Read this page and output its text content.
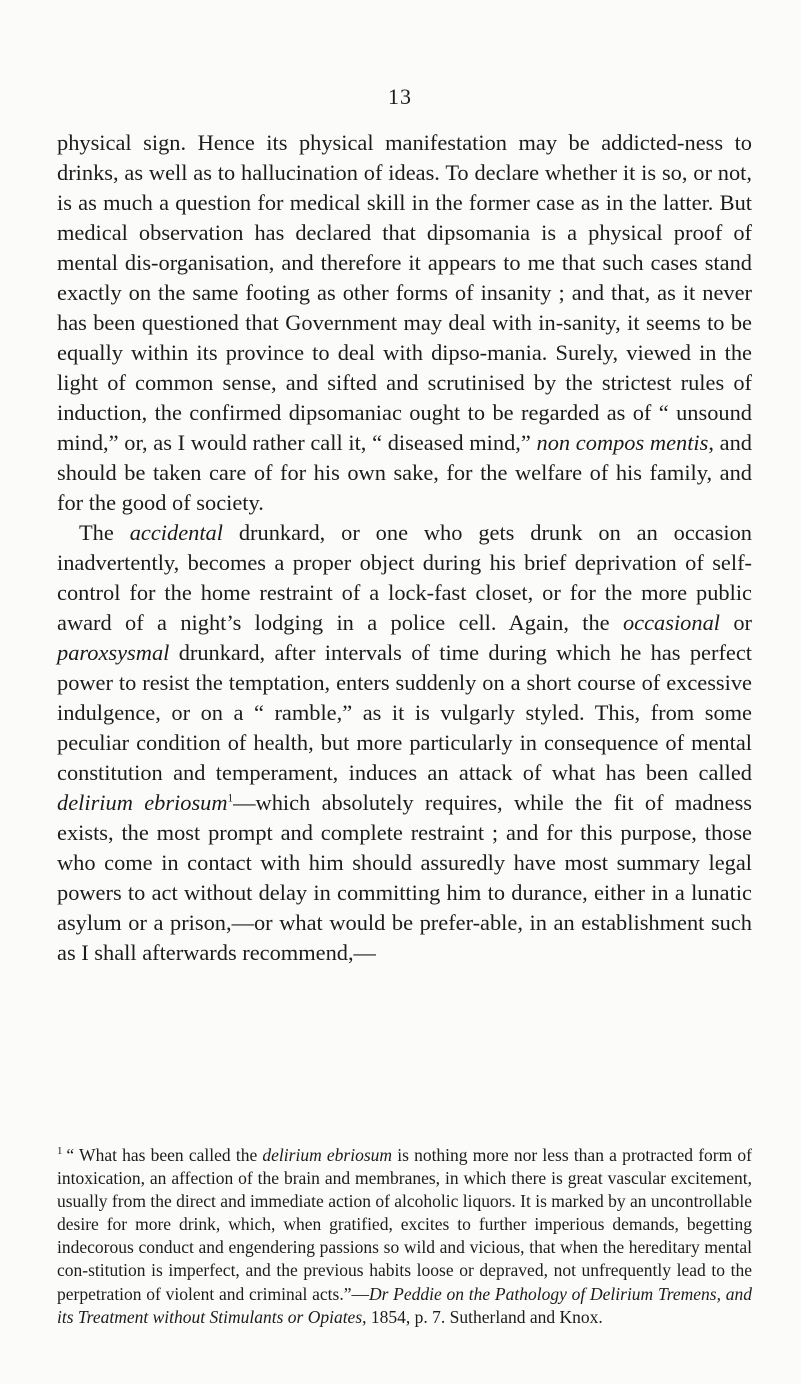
13

physical sign. Hence its physical manifestation may be addicted-ness to drinks, as well as to hallucination of ideas. To declare whether it is so, or not, is as much a question for medical skill in the former case as in the latter. But medical observation has declared that dipsomania is a physical proof of mental dis-organisation, and therefore it appears to me that such cases stand exactly on the same footing as other forms of insanity ; and that, as it never has been questioned that Government may deal with in-sanity, it seems to be equally within its province to deal with dipso-mania. Surely, viewed in the light of common sense, and sifted and scrutinised by the strictest rules of induction, the confirmed dipsomaniac ought to be regarded as of “ unsound mind,” or, as I would rather call it, “ diseased mind,” non compos mentis, and should be taken care of for his own sake, for the welfare of his family, and for the good of society.

The accidental drunkard, or one who gets drunk on an occasion inadvertently, becomes a proper object during his brief deprivation of self-control for the home restraint of a lock-fast closet, or for the more public award of a night’s lodging in a police cell. Again, the occasional or paroxsysmal drunkard, after intervals of time during which he has perfect power to resist the temptation, enters suddenly on a short course of excessive indulgence, or on a “ ramble,” as it is vulgarly styled. This, from some peculiar condition of health, but more particularly in consequence of mental constitution and temperament, induces an attack of what has been called delirium ebriosum$^1$—which absolutely requires, while the fit of madness exists, the most prompt and complete restraint ; and for this purpose, those who come in contact with him should assuredly have most summary legal powers to act without delay in committing him to durance, either in a lunatic asylum or a prison,—or what would be prefer-able, in an establishment such as I shall afterwards recommend,—

$^1$ “ What has been called the delirium ebriosum is nothing more nor less than a protracted form of intoxication, an affection of the brain and membranes, in which there is great vascular excitement, usually from the direct and immediate action of alcoholic liquors. It is marked by an uncontrollable desire for more drink, which, when gratified, excites to further imperious demands, begetting indecorous conduct and engendering passions so wild and vicious, that when the hereditary mental con-stitution is imperfect, and the previous habits loose or depraved, not unfrequently lead to the perpetration of violent and criminal acts.”—Dr Peddie on the Pathology of Delirium Tremens, and its Treatment without Stimulants or Opiates, 1854, p. 7. Sutherland and Knox.
